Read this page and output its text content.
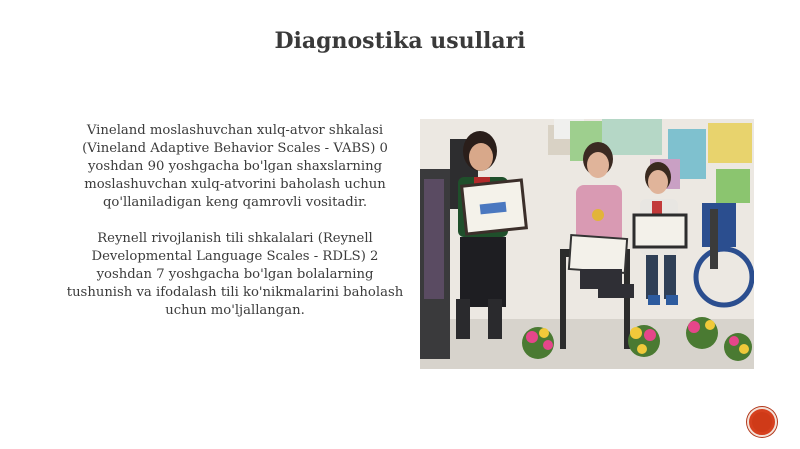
Diagnostika usullari

Vineland moslashuvchan xulq-atvor shkalasi (Vineland Adaptive Behavior Scales - VABS) 0 yoshdan 90 yoshgacha bo'lgan shaxslarning moslashuvchan xulq-atvorini baholash uchun qo'llaniladigan keng qamrovli vositadir.

Reynell rivojlanish tili shkalalari (Reynell Developmental Language Scales - RDLS) 2 yoshdan 7 yoshgacha bo'lgan bolalarning tushunish va ifodalash tili ko'nikmalarini baholash uchun mo'ljallangan.
